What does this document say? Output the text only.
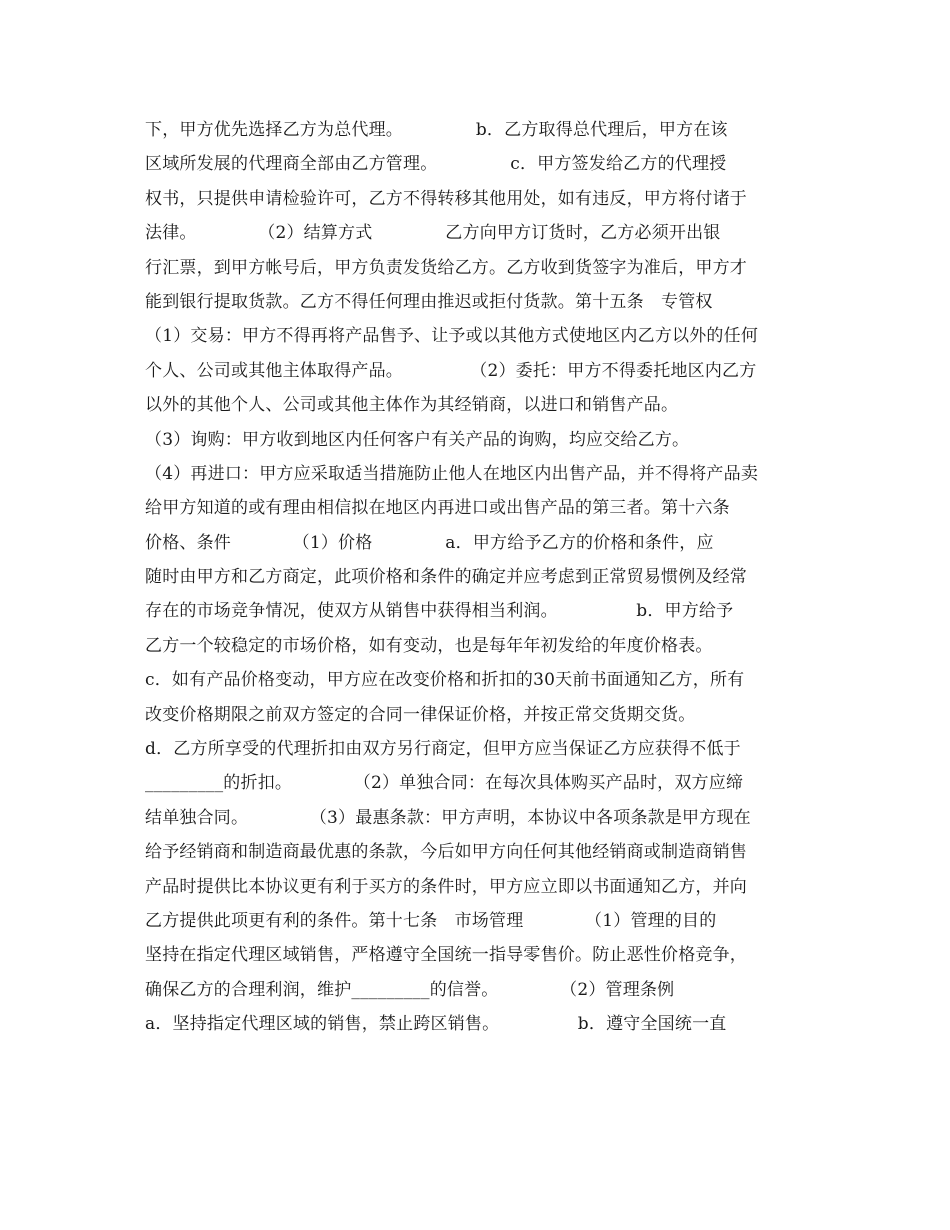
下，甲方优先选择乙方为总代理。             b．乙方取得总代理后，甲方在该
区域所发展的代理商全部由乙方管理。             c．甲方签发给乙方的代理授
权书，只提供申请检验许可，乙方不得转移其他用处，如有违反，甲方将付诸于
法律。           （2）结算方式             乙方向甲方订货时，乙方必须开出银
行汇票，到甲方帐号后，甲方负责发货给乙方。乙方收到货签字为准后，甲方才
能到银行提取货款。乙方不得任何理由推迟或拒付货款。第十五条　专管权
（1）交易：甲方不得再将产品售予、让予或以其他方式使地区内乙方以外的任何
个人、公司或其他主体取得产品。            （2）委托：甲方不得委托地区内乙方
以外的其他个人、公司或其他主体作为其经销商，以进口和销售产品。
（3）询购：甲方收到地区内任何客户有关产品的询购，均应交给乙方。
（4）再进口：甲方应采取适当措施防止他人在地区内出售产品，并不得将产品卖
给甲方知道的或有理由相信拟在地区内再进口或出售产品的第三者。第十六条
价格、条件           （1）价格             a．甲方给予乙方的价格和条件，应
随时由甲方和乙方商定，此项价格和条件的确定并应考虑到正常贸易惯例及经常
存在的市场竞争情况，使双方从销售中获得相当利润。              b．甲方给予
乙方一个较稳定的市场价格，如有变动，也是每年年初发给的年度价格表。
c．如有产品价格变动，甲方应在改变价格和折扣的30天前书面通知乙方，所有
改变价格期限之前双方签定的合同一律保证价格，并按正常交货期交货。
d．乙方所享受的代理折扣由双方另行商定，但甲方应当保证乙方应获得不低于
_________的折扣。           （2）单独合同：在每次具体购买产品时，双方应缔
结单独合同。           （3）最惠条款：甲方声明，本协议中各项条款是甲方现在
给予经销商和制造商最优惠的条款，今后如甲方向任何其他经销商或制造商销售
产品时提供比本协议更有利于买方的条件时，甲方应立即以书面通知乙方，并向
乙方提供此项更有利的条件。第十七条　市场管理           （1）管理的目的
坚持在指定代理区域销售，严格遵守全国统一指导零售价。防止恶性价格竞争，
确保乙方的合理利润，维护_________的信誉。           （2）管理条例
a．坚持指定代理区域的销售，禁止跨区销售。              b．遵守全国统一直
